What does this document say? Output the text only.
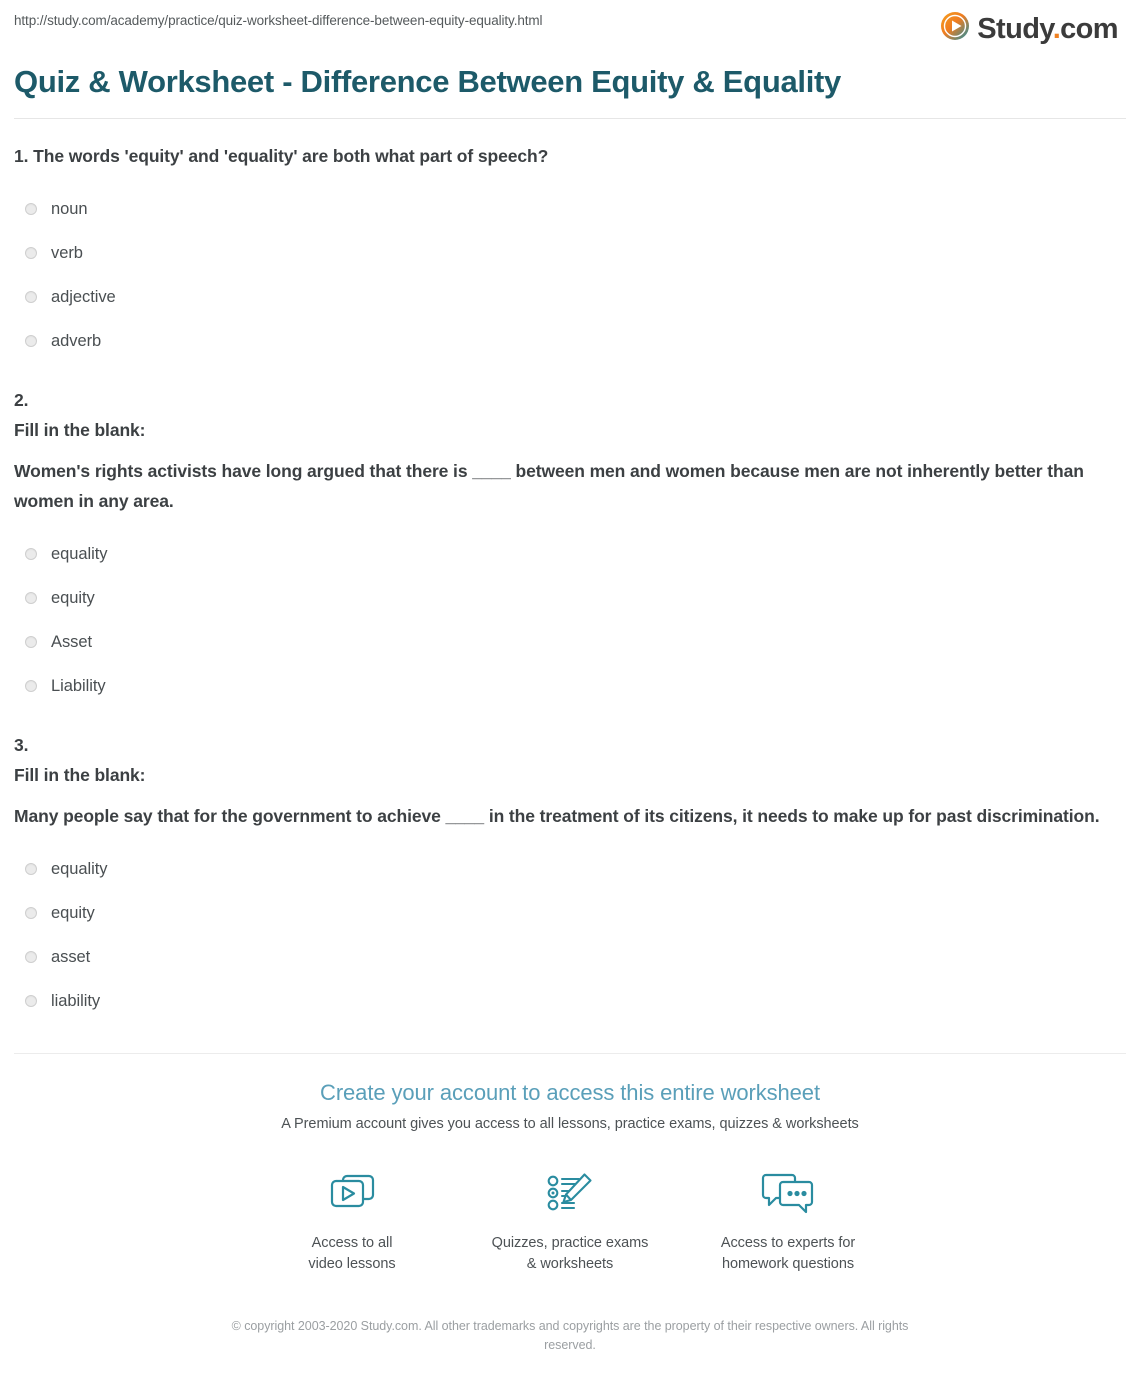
http://study.com/academy/practice/quiz-worksheet-difference-between-equity-equality.html	Study.com
Quiz & Worksheet - Difference Between Equity & Equality
1. The words 'equity' and 'equality' are both what part of speech?
noun
verb
adjective
adverb
2.
Fill in the blank:
Women's rights activists have long argued that there is ____ between men and women because men are not inherently better than women in any area.
equality
equity
Asset
Liability
3.
Fill in the blank:
Many people say that for the government to achieve ____ in the treatment of its citizens, it needs to make up for past discrimination.
equality
equity
asset
liability
Create your account to access this entire worksheet
A Premium account gives you access to all lessons, practice exams, quizzes & worksheets
Access to all
video lessons
Quizzes, practice exams
& worksheets
Access to experts for
homework questions
© copyright 2003-2020 Study.com. All other trademarks and copyrights are the property of their respective owners. All rights reserved.
